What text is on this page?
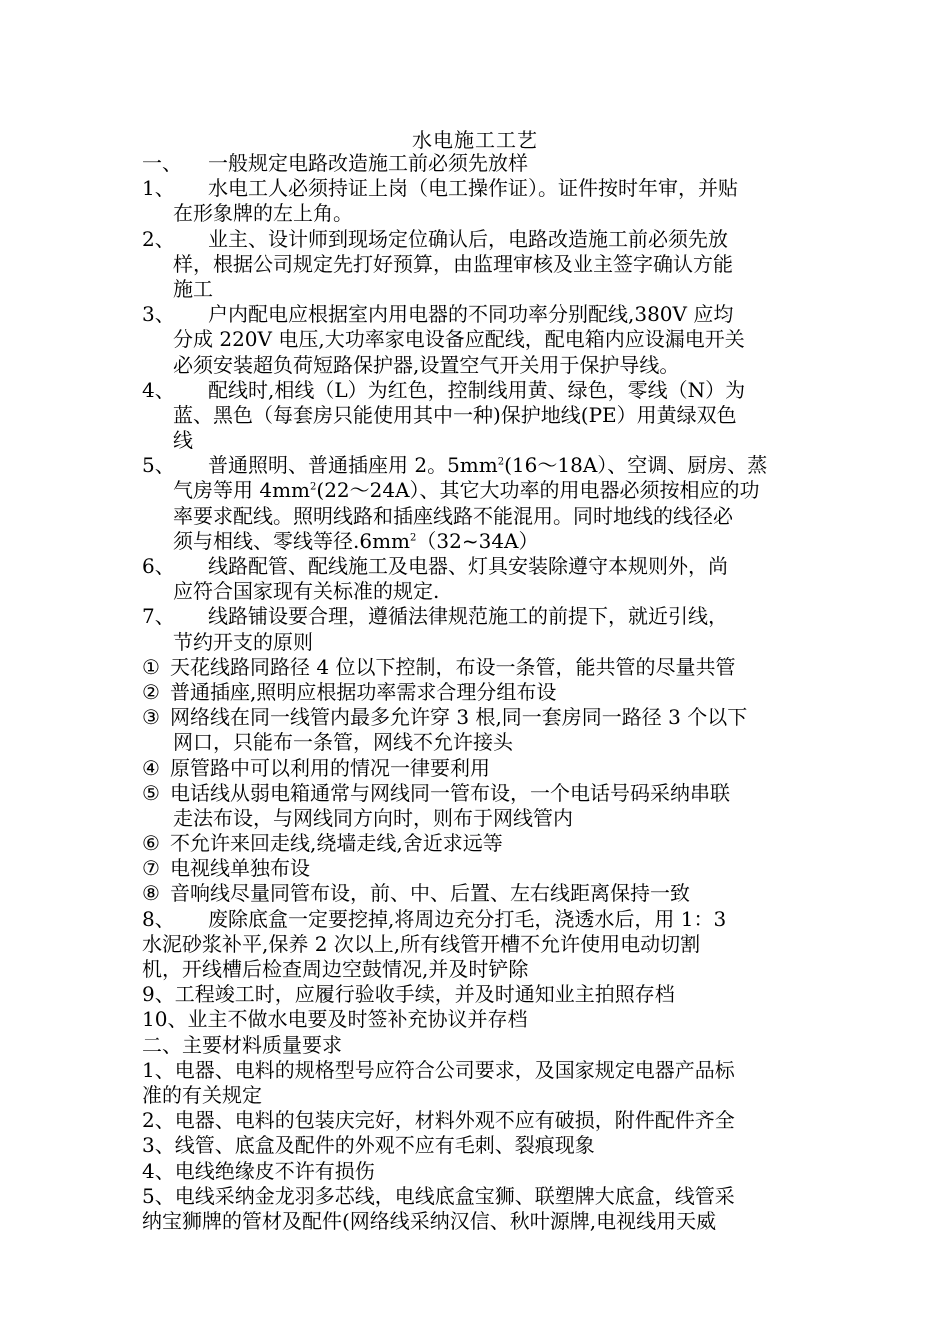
水电施工工艺
一、 一般规定电路改造施工前必须先放样
1、 水电工人必须持证上岗（电工操作证）。证件按时年审，并贴
在形象牌的左上角。
2、 业主、设计师到现场定位确认后，电路改造施工前必须先放
样，根据公司规定先打好预算，由监理审核及业主签字确认方能
施工
3、 户内配电应根据室内用电器的不同功率分别配线,380V 应均
分成 220V 电压,大功率家电设备应配线，配电箱内应设漏电开关
必须安装超负荷短路保护器,设置空气开关用于保护导线。
4、 配线时,相线（L）为红色，控制线用黄、绿色，零线（N）为
蓝、黑色（每套房只能使用其中一种)保护地线(PE）用黄绿双色
线
5、 普通照明、普通插座用 2。$5mm^2(16\sim 18A)$、空调、厨房、蒸
气房等用 $4mm^2(22\sim 24A)$、其它大功率的用电器必须按相应的功
率要求配线。照明线路和插座线路不能混用。同时地线的线径必
须与相线、零线等径$.6mm^2(32\sim 34A)$
6、 线路配管、配线施工及电器、灯具安装除遵守本规则外，尚
应符合国家现有关标准的规定.
7、 线路铺设要合理，遵循法律规范施工的前提下，就近引线，
节约开支的原则
① 天花线路同路径 4 位以下控制，布设一条管，能共管的尽量共管
② 普通插座,照明应根据功率需求合理分组布设
③ 网络线在同一线管内最多允许穿 3 根,同一套房同一路径 3 个以下
网口，只能布一条管，网线不允许接头
④ 原管路中可以利用的情况一律要利用
⑤ 电话线从弱电箱通常与网线同一管布设，一个电话号码采纳串联
走法布设，与网线同方向时，则布于网线管内
⑥ 不允许来回走线,绕墙走线,舍近求远等
⑦ 电视线单独布设
⑧ 音响线尽量同管布设，前、中、后置、左右线距离保持一致
8、 废除底盒一定要挖掉,将周边充分打毛，浇透水后，用 1：3
水泥砂浆补平,保养 2 次以上,所有线管开槽不允许使用电动切割
机，开线槽后检查周边空鼓情况,并及时铲除
9、工程竣工时，应履行验收手续，并及时通知业主拍照存档
10、业主不做水电要及时签补充协议并存档
二、主要材料质量要求
1、电器、电料的规格型号应符合公司要求，及国家规定电器产品标
准的有关规定
2、电器、电料的包装庆完好，材料外观不应有破损，附件配件齐全
3、线管、底盒及配件的外观不应有毛刺、裂痕现象
4、电线绝缘皮不许有损伤
5、电线采纳金龙羽多芯线，电线底盒宝狮、联塑牌大底盒，线管采
纳宝狮牌的管材及配件(网络线采纳汉信、秋叶源牌,电视线用天威
